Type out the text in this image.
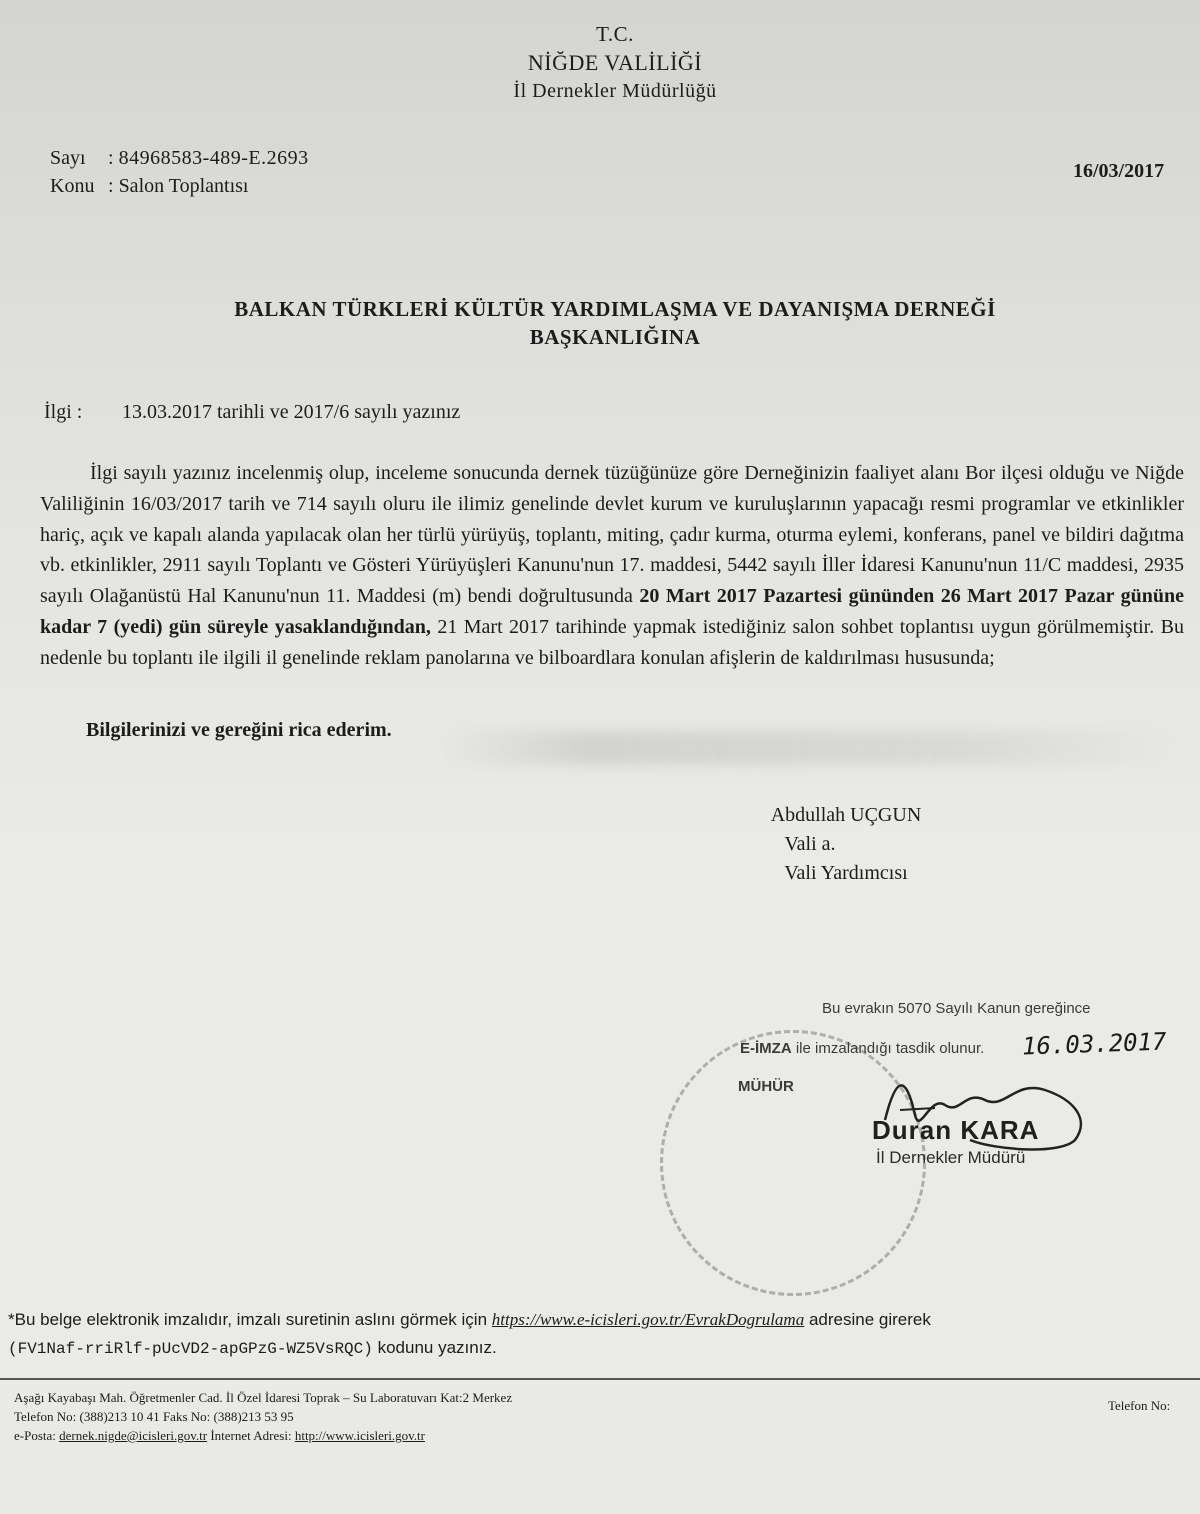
T.C.
NİĞDE VALİLİĞİ
İl Dernekler Müdürlüğü
Sayı : 84968583-489-E.2693
Konu : Salon Toplantısı
16/03/2017
BALKAN TÜRKLERİ KÜLTÜR YARDIMLAŞMA VE DAYANIŞMA DERNEĞİ
BAŞKANLIĞINA
İlgi : 13.03.2017 tarihli ve 2017/6 sayılı yazınız

İlgi sayılı yazınız incelenmiş olup, inceleme sonucunda dernek tüzüğünüze göre Derneğinizin faaliyet alanı Bor ilçesi olduğu ve Niğde Valiliğinin 16/03/2017 tarih ve 714 sayılı oluru ile ilimiz genelinde devlet kurum ve kuruluşlarının yapacağı resmi programlar ve etkinlikler hariç, açık ve kapalı alanda yapılacak olan her türlü yürüyüş, toplantı, miting, çadır kurma, oturma eylemi, konferans, panel ve bildiri dağıtma vb. etkinlikler, 2911 sayılı Toplantı ve Gösteri Yürüyüşleri Kanunu'nun 17. maddesi, 5442 sayılı İller İdaresi Kanunu'nun 11/C maddesi, 2935 sayılı Olağanüstü Hal Kanunu'nun 11. Maddesi (m) bendi doğrultusunda 20 Mart 2017 Pazartesi gününden 26 Mart 2017 Pazar gününe kadar 7 (yedi) gün süreyle yasaklandığından, 21 Mart 2017 tarihinde yapmak istediğiniz salon sohbet toplantısı uygun görülmemiştir. Bu nedenle bu toplantı ile ilgili il genelinde reklam panolarına ve bilboardlara konulan afişlerin de kaldırılması hususunda;

Bilgilerinizi ve gereğini rica ederim.
Abdullah UÇGUN
Vali a.
Vali Yardımcısı
Bu evrakın 5070 Sayılı Kanun gereğince
E-İMZA ile imzalandığı tasdik olunur. 16.03.2017
MÜHÜR
Duran KARA
İl Dernekler Müdürü
*Bu belge elektronik imzalıdır, imzalı suretinin aslını görmek için https://www.e-icisleri.gov.tr/EvrakDogrulama adresine girerek
(FV1Naf-rriRlf-pUcVD2-apGPzG-WZ5VsRQC) kodunu yazınız.
Aşağı Kayabaşı Mah. Öğretmenler Cad. İl Özel İdaresi Toprak – Su Laboratuvarı Kat:2 Merkez
Telefon No: (388)213 10 41 Faks No: (388)213 53 95
e-Posta: dernek.nigde@icisleri.gov.tr İnternet Adresi: http://www.icisleri.gov.tr
Telefon No:
